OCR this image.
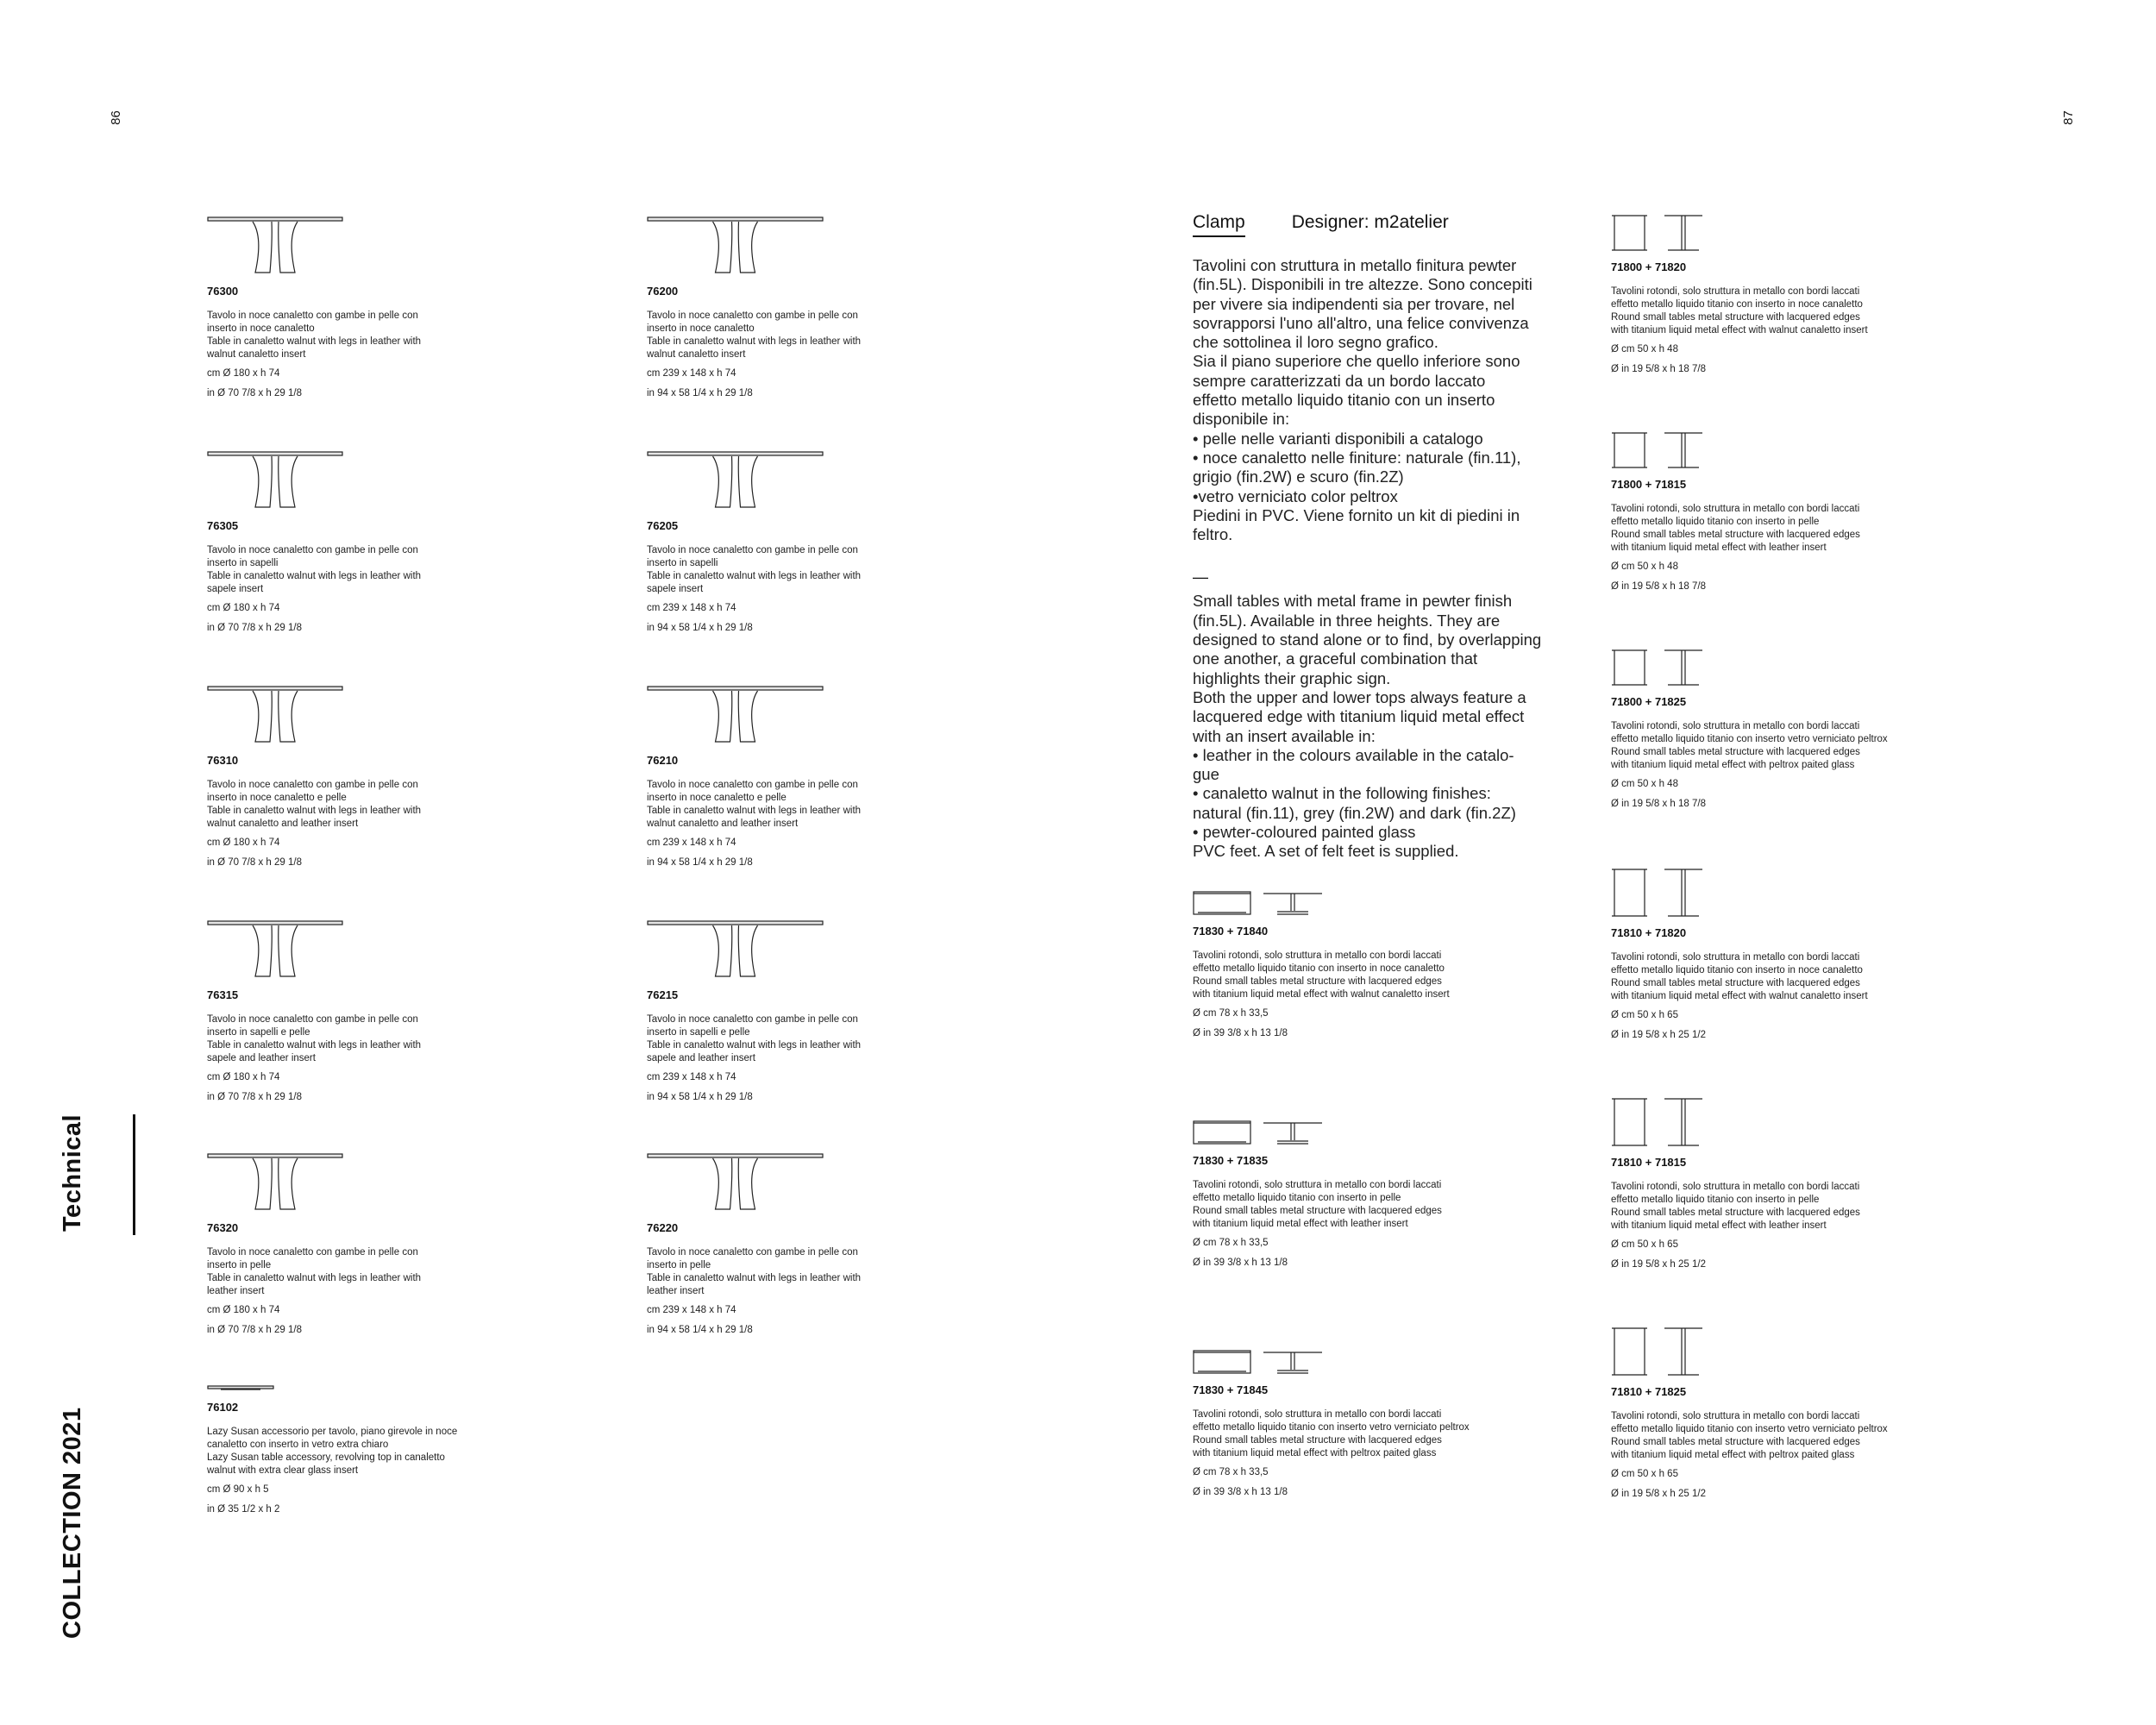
86	87
Technical
COLLECTION 2021
Clamp	Designer: m2atelier
Tavolini con struttura in metallo finitura pewter
(fin.5L). Disponibili in tre altezze. Sono concepiti
per vivere sia indipendenti sia per trovare, nel
sovrapporsi l'uno all'altro, una felice convivenza
che sottolinea il loro segno grafico.
Sia il piano superiore che quello inferiore sono
sempre caratterizzati da un bordo laccato
effetto metallo liquido titanio con un inserto
disponibile in:
• pelle nelle varianti disponibili a catalogo
• noce canaletto nelle finiture: naturale (fin.11),
grigio (fin.2W) e scuro (fin.2Z)
•vetro verniciato color peltrox
Piedini in PVC. Viene fornito un kit di piedini in
feltro.
—
Small tables with metal frame in pewter finish
(fin.5L). Available in three heights. They are
designed to stand alone or to find, by overlapping
one another, a graceful combination that
highlights their graphic sign.
Both the upper and lower tops always feature a
lacquered edge with titanium liquid metal effect
with an insert available in:
• leather in the colours available in the catalo-
gue
• canaletto walnut in the following finishes:
natural (fin.11), grey (fin.2W) and dark (fin.2Z)
• pewter-coloured painted glass
PVC feet. A set of felt feet is supplied.
76300
Tavolo in noce canaletto con gambe in pelle con
inserto in noce canaletto
Table in canaletto walnut with legs in leather with
walnut canaletto insert
cm Ø 180 x h 74
in Ø 70 7/8 x h 29 1/8
76305
Tavolo in noce canaletto con gambe in pelle con
inserto in sapelli
Table in canaletto walnut with legs in leather with
sapele insert
cm Ø 180 x h 74
in Ø 70 7/8 x h 29 1/8
76310
Tavolo in noce canaletto con gambe in pelle con
inserto in noce canaletto e pelle
Table in canaletto walnut with legs in leather with
walnut canaletto and leather insert
cm Ø 180 x h 74
in Ø 70 7/8 x h 29 1/8
76315
Tavolo in noce canaletto con gambe in pelle con
inserto in sapelli e pelle
Table in canaletto walnut with legs in leather with
sapele and leather insert
cm Ø 180 x h 74
in Ø 70 7/8 x h 29 1/8
76320
Tavolo in noce canaletto con gambe in pelle con
inserto in pelle
Table in canaletto walnut with legs in leather with
leather insert
cm Ø 180 x h 74
in Ø 70 7/8 x h 29 1/8
76200
Tavolo in noce canaletto con gambe in pelle con
inserto in noce canaletto
Table in canaletto walnut with legs in leather with
walnut canaletto insert
cm 239 x 148 x h 74
in 94 x 58 1/4 x h 29 1/8
76205
Tavolo in noce canaletto con gambe in pelle con
inserto in sapelli
Table in canaletto walnut with legs in leather with
sapele insert
cm 239 x 148 x h 74
in 94 x 58 1/4 x h 29 1/8
76210
Tavolo in noce canaletto con gambe in pelle con
inserto in noce canaletto e pelle
Table in canaletto walnut with legs in leather with
walnut canaletto and leather insert
cm 239 x 148 x h 74
in 94 x 58 1/4 x h 29 1/8
76215
Tavolo in noce canaletto con gambe in pelle con
inserto in sapelli e pelle
Table in canaletto walnut with legs in leather with
sapele and leather insert
cm 239 x 148 x h 74
in 94 x 58 1/4 x h 29 1/8
76220
Tavolo in noce canaletto con gambe in pelle con
inserto in pelle
Table in canaletto walnut with legs in leather with
leather insert
cm 239 x 148 x h 74
in 94 x 58 1/4 x h 29 1/8
76102
Lazy Susan accessorio per tavolo, piano girevole in noce
canaletto con inserto in vetro extra chiaro
Lazy Susan table accessory, revolving top in canaletto
walnut with extra clear glass insert
cm Ø 90 x h 5
in Ø 35 1/2 x h 2
71830 + 71840
Tavolini rotondi, solo struttura in metallo con bordi laccati
effetto metallo liquido titanio con inserto in noce canaletto
Round small tables metal structure with lacquered edges
with titanium liquid metal effect with walnut canaletto insert
Ø cm 78 x h 33,5
Ø in 39 3/8 x h 13 1/8
71830 + 71835
Tavolini rotondi, solo struttura in metallo con bordi laccati
effetto metallo liquido titanio con inserto in pelle
Round small tables metal structure with lacquered edges
with titanium liquid metal effect with leather insert
Ø cm 78 x h 33,5
Ø in 39 3/8 x h 13 1/8
71830 + 71845
Tavolini rotondi, solo struttura in metallo con bordi laccati
effetto metallo liquido titanio con inserto vetro verniciato peltrox
Round small tables metal structure with lacquered edges
with titanium liquid metal effect with peltrox paited glass
Ø cm 78 x h 33,5
Ø in 39 3/8 x h 13 1/8
71800 + 71820
Tavolini rotondi, solo struttura in metallo con bordi laccati
effetto metallo liquido titanio con inserto in noce canaletto
Round small tables metal structure with lacquered edges
with titanium liquid metal effect with walnut canaletto insert
Ø cm 50 x h 48
Ø in 19 5/8 x h 18 7/8
71800 + 71815
Tavolini rotondi, solo struttura in metallo con bordi laccati
effetto metallo liquido titanio con inserto in pelle
Round small tables metal structure with lacquered edges
with titanium liquid metal effect with leather insert
Ø cm 50 x h 48
Ø in 19 5/8 x h 18 7/8
71800 + 71825
Tavolini rotondi, solo struttura in metallo con bordi laccati
effetto metallo liquido titanio con inserto vetro verniciato peltrox
Round small tables metal structure with lacquered edges
with titanium liquid metal effect with peltrox paited glass
Ø cm 50 x h 48
Ø in 19 5/8 x h 18 7/8
71810 + 71820
Tavolini rotondi, solo struttura in metallo con bordi laccati
effetto metallo liquido titanio con inserto in noce canaletto
Round small tables metal structure with lacquered edges
with titanium liquid metal effect with walnut canaletto insert
Ø cm 50 x h 65
Ø in 19 5/8 x h 25 1/2
71810 + 71815
Tavolini rotondi, solo struttura in metallo con bordi laccati
effetto metallo liquido titanio con inserto in pelle
Round small tables metal structure with lacquered edges
with titanium liquid metal effect with leather insert
Ø cm 50 x h 65
Ø in 19 5/8 x h 25 1/2
71810 + 71825
Tavolini rotondi, solo struttura in metallo con bordi laccati
effetto metallo liquido titanio con inserto vetro verniciato peltrox
Round small tables metal structure with lacquered edges
with titanium liquid metal effect with peltrox paited glass
Ø cm 50 x h 65
Ø in 19 5/8 x h 25 1/2
